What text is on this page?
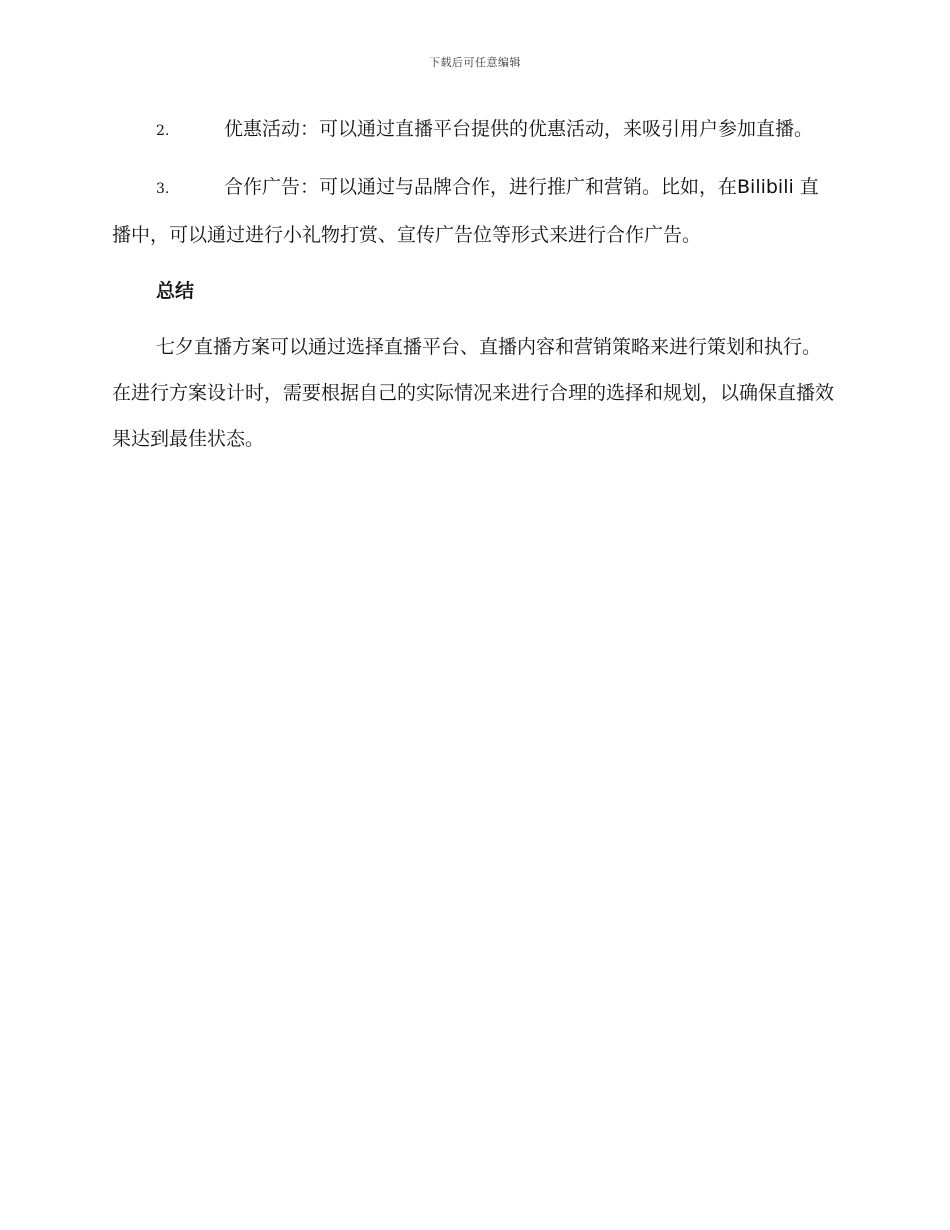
下载后可任意编辑

2.	优惠活动：可以通过直播平台提供的优惠活动，来吸引用户参加直播。

3.	合作广告：可以通过与品牌合作，进行推广和营销。比如，在Bilibili 直播中，可以通过进行小礼物打赏、宣传广告位等形式来进行合作广告。

总结

七夕直播方案可以通过选择直播平台、直播内容和营销策略来进行策划和执行。在进行方案设计时，需要根据自己的实际情况来进行合理的选择和规划，以确保直播效果达到最佳状态。
